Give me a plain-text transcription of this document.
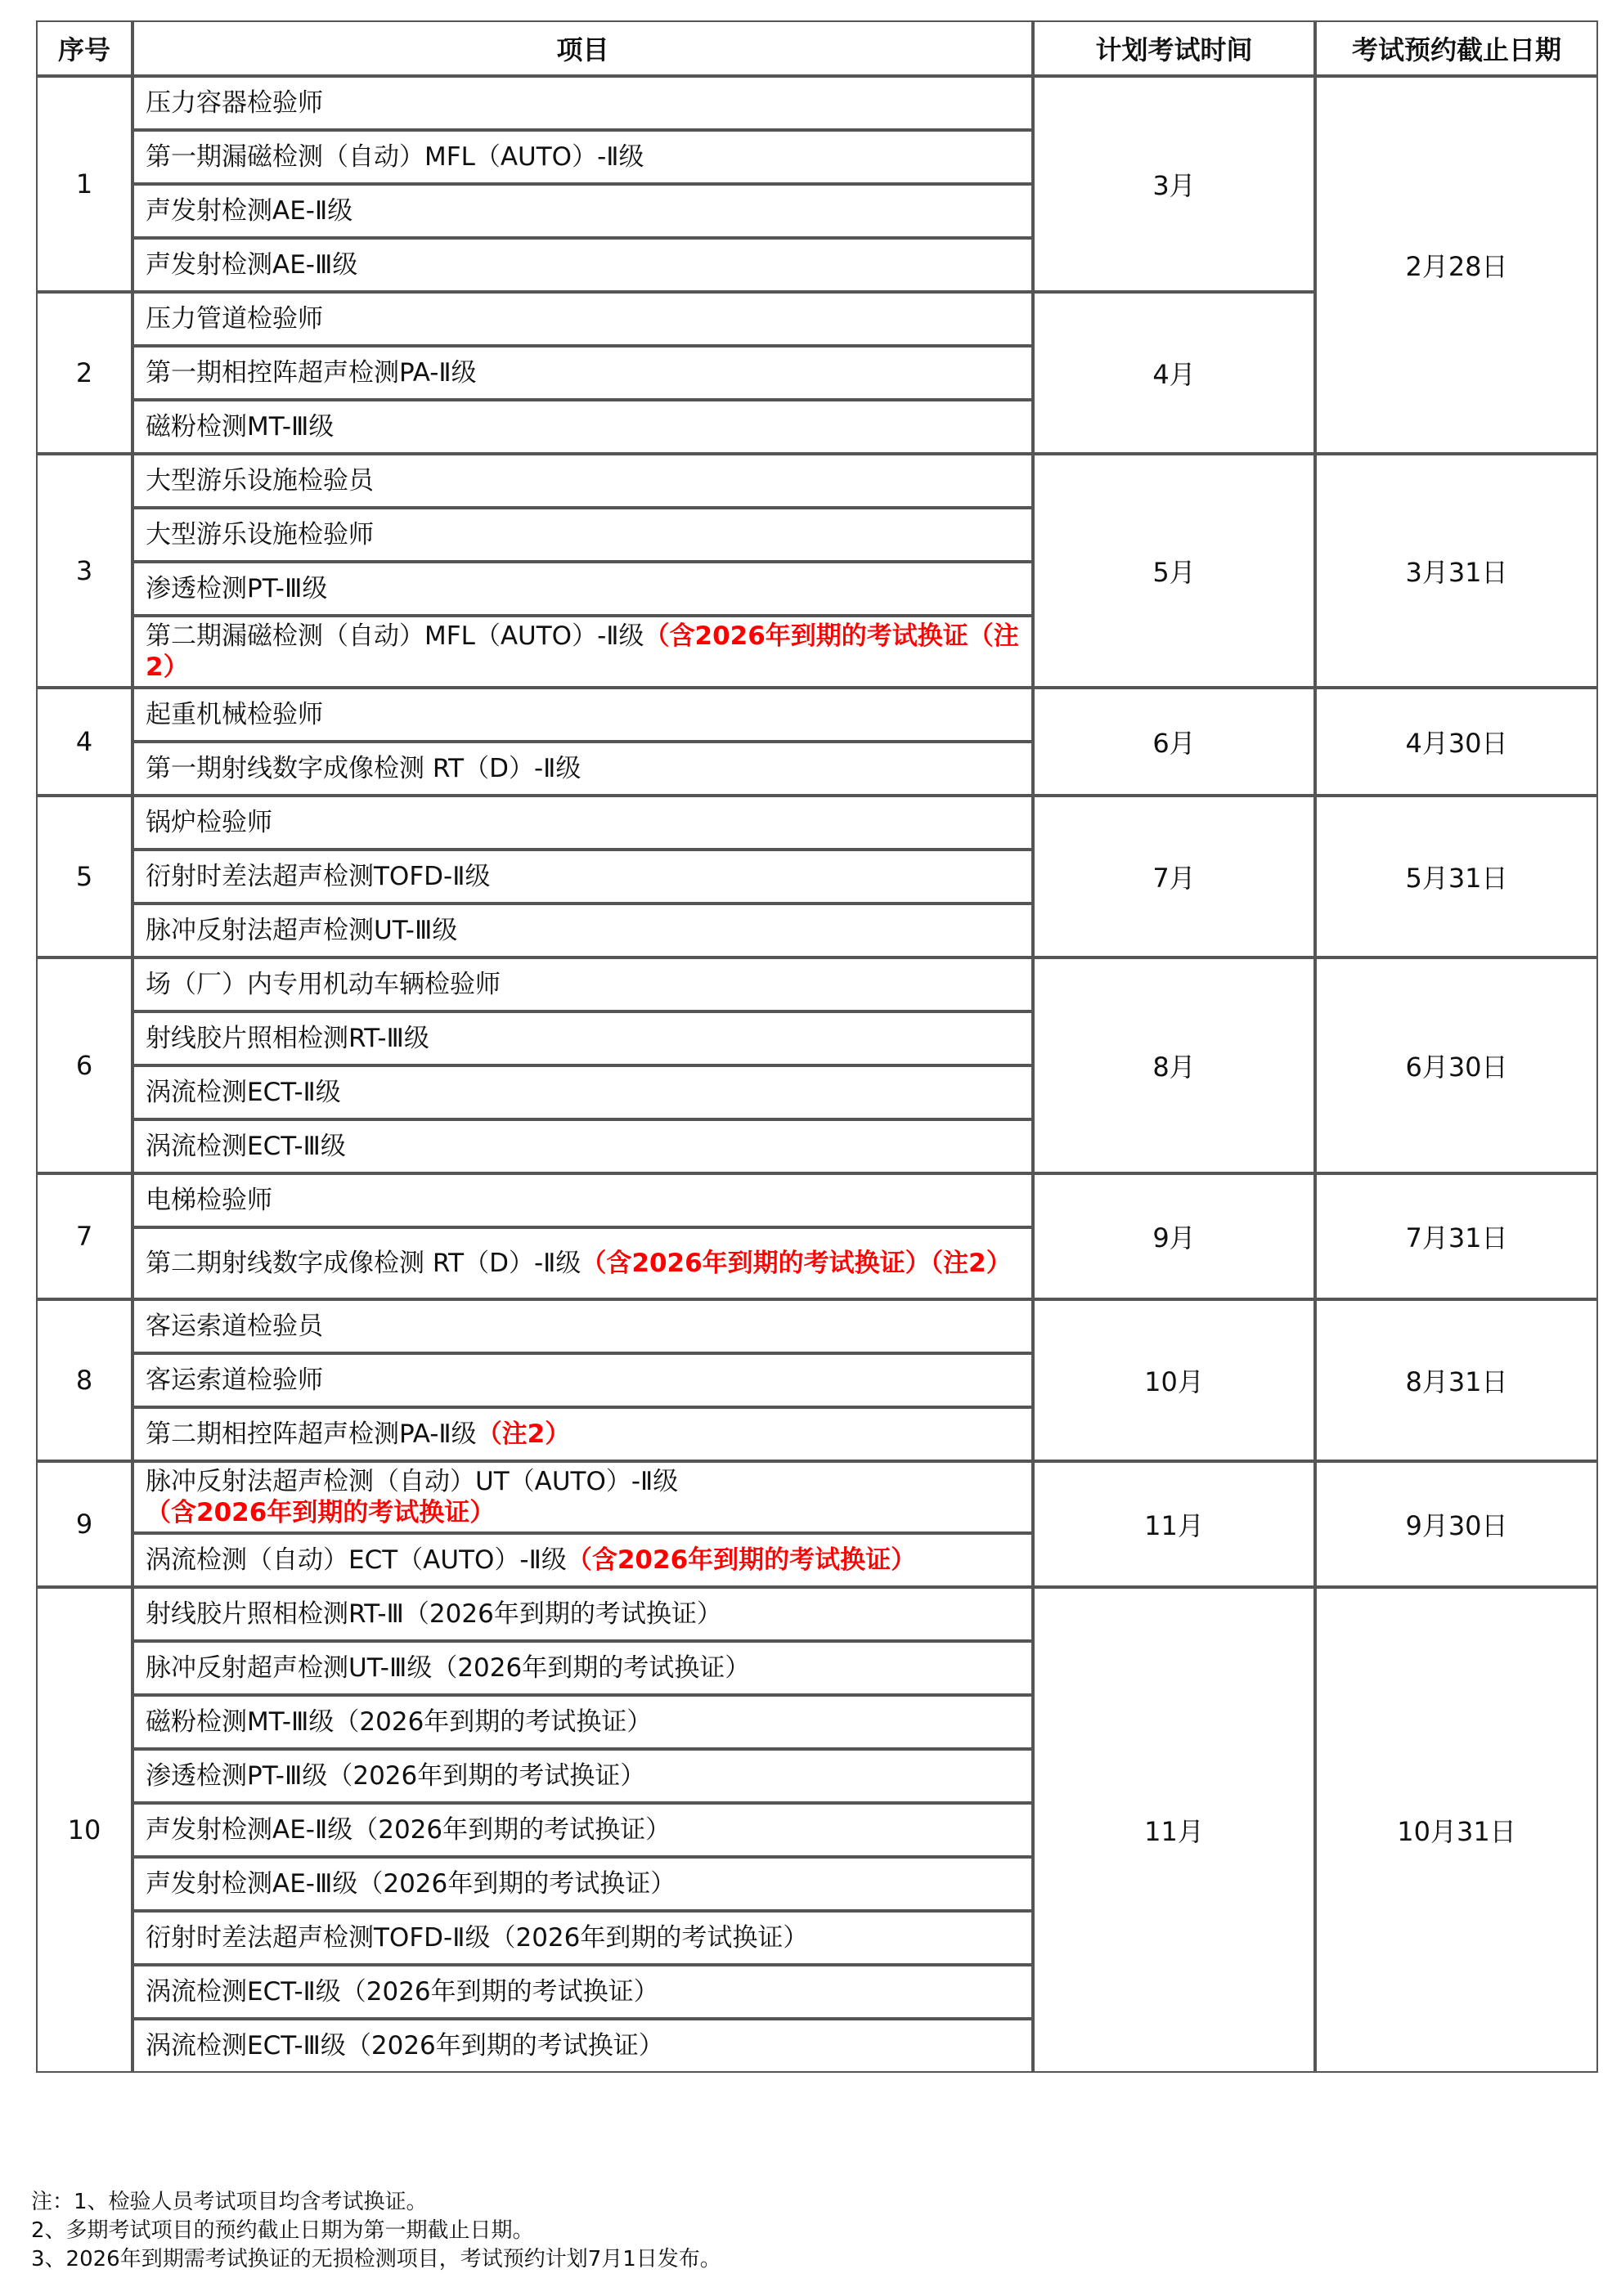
序号	项目	计划考试时间	考试预约截止日期
1	压力容器检验师	3月	2月28日
	第一期漏磁检测（自动）MFL（AUTO）-Ⅱ级		
	声发射检测AE-Ⅱ级		
	声发射检测AE-Ⅲ级		
2	压力管道检验师	4月	
	第一期相控阵超声检测PA-Ⅱ级		
	磁粉检测MT-Ⅲ级		
3	大型游乐设施检验员	5月	3月31日
	大型游乐设施检验师		
	渗透检测PT-Ⅲ级		
	第二期漏磁检测（自动）MFL（AUTO）-Ⅱ级（含2026年到期的考试换证（注2）		
4	起重机械检验师	6月	4月30日
	第一期射线数字成像检测 RT（D）-Ⅱ级		
5	锅炉检验师	7月	5月31日
	衍射时差法超声检测TOFD-Ⅱ级		
	脉冲反射法超声检测UT-Ⅲ级		
6	场（厂）内专用机动车辆检验师	8月	6月30日
	射线胶片照相检测RT-Ⅲ级		
	涡流检测ECT-Ⅱ级		
	涡流检测ECT-Ⅲ级		
7	电梯检验师	9月	7月31日
	第二期射线数字成像检测 RT（D）-Ⅱ级（含2026年到期的考试换证）（注2）		
8	客运索道检验员	10月	8月31日
	客运索道检验师		
	第二期相控阵超声检测PA-Ⅱ级（注2）		
9	脉冲反射法超声检测（自动）UT（AUTO）-Ⅱ级（含2026年到期的考试换证）	11月	9月30日
	涡流检测（自动）ECT（AUTO）-Ⅱ级（含2026年到期的考试换证）		
10	射线胶片照相检测RT-Ⅲ（2026年到期的考试换证）	11月	10月31日
	脉冲反射超声检测UT-Ⅲ级（2026年到期的考试换证）		
	磁粉检测MT-Ⅲ级（2026年到期的考试换证）		
	渗透检测PT-Ⅲ级（2026年到期的考试换证）		
	声发射检测AE-Ⅱ级（2026年到期的考试换证）		
	声发射检测AE-Ⅲ级（2026年到期的考试换证）		
	衍射时差法超声检测TOFD-Ⅱ级（2026年到期的考试换证）		
	涡流检测ECT-Ⅱ级（2026年到期的考试换证）		
	涡流检测ECT-Ⅲ级（2026年到期的考试换证）		
注：1、检验人员考试项目均含考试换证。
2、多期考试项目的预约截止日期为第一期截止日期。
3、2026年到期需考试换证的无损检测项目，考试预约计划7月1日发布。
